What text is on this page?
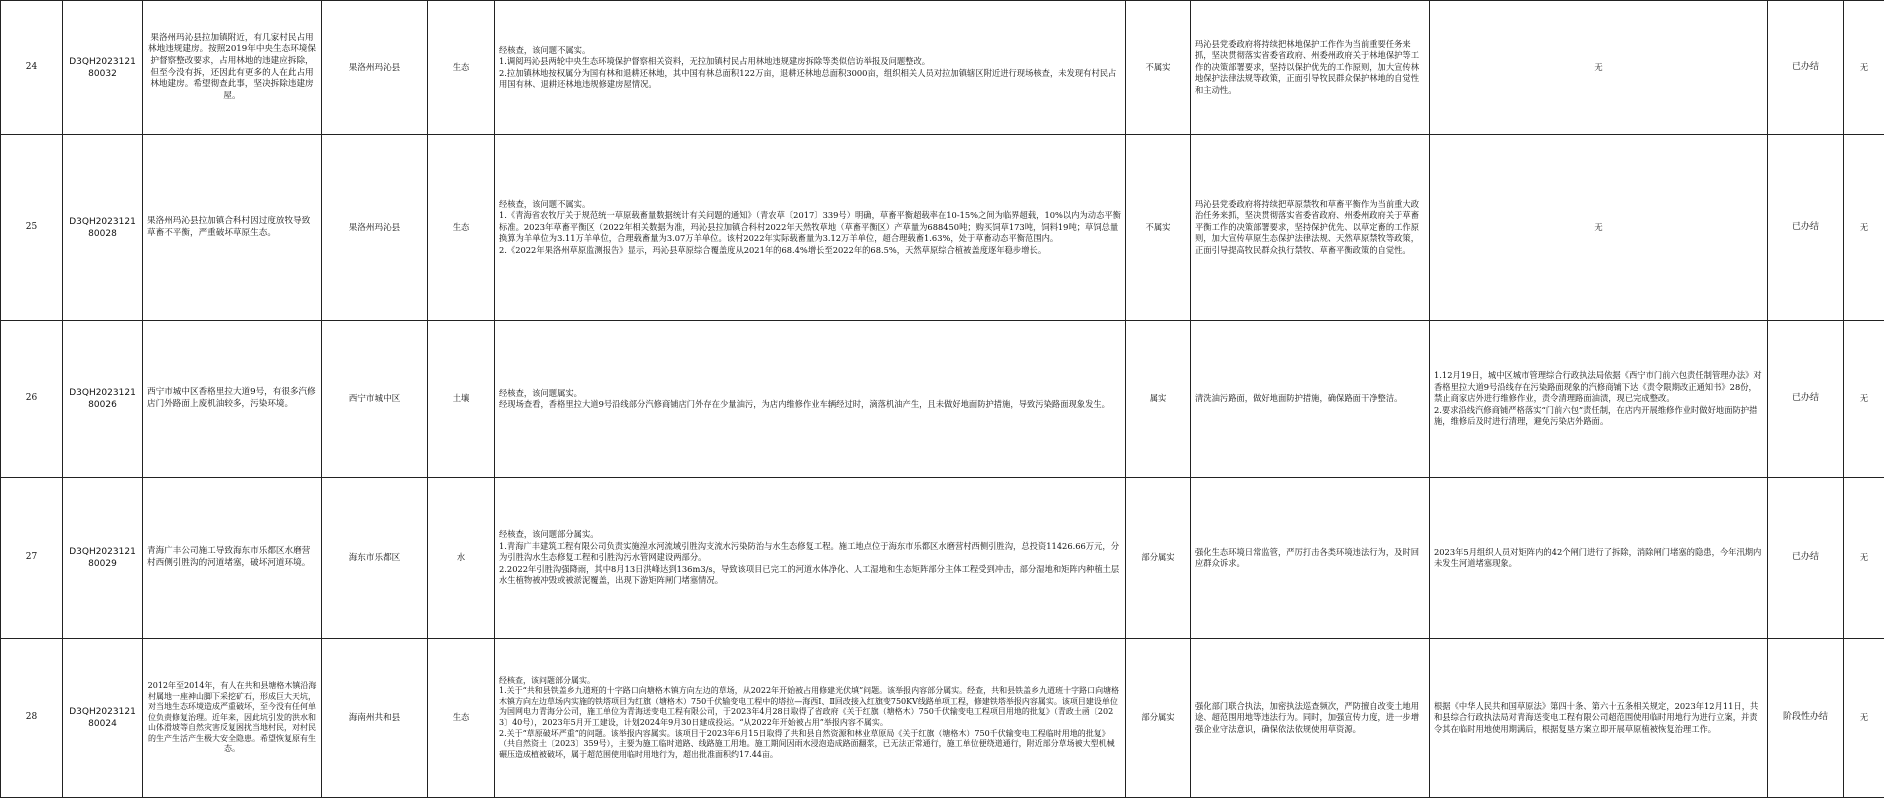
24	D3QH202312180032	果洛州玛沁县拉加镇附近，有几家村民占用林地违规建房。按照2019年中央生态环境保护督察整改要求，占用林地的违建应拆除，但至今没有拆，还因此有更多的人在此占用林地建房。希望彻查此事，坚决拆除违建房屋。	果洛州玛沁县	生态	经核查，该问题不属实。
1.调阅玛沁县两轮中央生态环境保护督察相关资料，无拉加镇村民占用林地违规建房拆除等类似信访举报及问题整改。
2.拉加镇林地按权属分为国有林和退耕还林地，其中国有林总面积122万亩，退耕还林地总面积3000亩，组织相关人员对拉加镇辖区附近进行现场核查，未发现有村民占用国有林、退耕还林地违规修建房屋情况。	不属实	玛沁县党委政府将持续把林地保护工作作为当前重要任务来抓，坚决贯彻落实省委省政府、州委州政府关于林地保护等工作的决策部署要求，坚持以保护优先的工作原则，加大宣传林地保护法律法规等政策，正面引导牧民群众保护林地的自觉性和主动性。	无	已办结	无
25	D3QH202312180028	果洛州玛沁县拉加镇合科村因过度放牧导致草畜不平衡，严重破坏草原生态。	果洛州玛沁县	生态	经核查，该问题不属实。
1.《青海省农牧厅关于规范统一草原载畜量数据统计有关问题的通知》（青农草〔2017〕339号）明确，草畜平衡超载率在10-15%之间为临界超载，10%以内为动态平衡标准。2023年草畜平衡区（2022年相关数据为准，玛沁县拉加镇合科村2022年天然牧草地（草畜平衡区）产草量为688450吨；购买饲草173吨，饲料19吨；草饲总量换算为羊单位为3.11万羊单位，合理载畜量为3.07万羊单位。该村2022年实际载畜量为3.12万羊单位，超合理载畜1.63%，处于草畜动态平衡范围内。
2.《2022年果洛州草原监测报告》显示，玛沁县草原综合覆盖度从2021年的68.4%增长至2022年的68.5%，天然草原综合植被盖度逐年稳步增长。	不属实	玛沁县党委政府将持续把草原禁牧和草畜平衡作为当前重大政治任务来抓，坚决贯彻落实省委省政府、州委州政府关于草畜平衡工作的决策部署要求，坚持保护优先、以草定畜的工作原则，加大宣传草原生态保护法律法规、天然草原禁牧等政策，正面引导提高牧民群众执行禁牧、草畜平衡政策的自觉性。	无	已办结	无
26	D3QH202312180026	西宁市城中区香格里拉大道9号，有很多汽修店门外路面上废机油较多，污染环境。	西宁市城中区	土壤	经核查，该问题属实。
经现场查看，香格里拉大道9号沿线部分汽修商铺店门外存在少量油污，为店内维修作业车辆经过时，滴落机油产生，且未做好地面防护措施，导致污染路面现象发生。	属实	清洗油污路面，做好地面防护措施，确保路面干净整洁。	1.12月19日，城中区城市管理综合行政执法局依据《西宁市门前六包责任制管理办法》对香格里拉大道9号沿线存在污染路面现象的汽修商铺下达《责令限期改正通知书》28份，禁止商家店外进行维修作业，责令清理路面油渍，现已完成整改。
2.要求沿线汽修商铺严格落实“门前六包”责任制，在店内开展维修作业时做好地面防护措施，维修后及时进行清理，避免污染店外路面。	已办结	无
27	D3QH202312180029	青海广丰公司施工导致海东市乐都区水磨营村西侧引胜沟的河道堵塞，破坏河道环境。	海东市乐都区	水	经核查，该问题部分属实。
1.青海广丰建筑工程有限公司负责实施湟水河流域引胜沟支流水污染防治与水生态修复工程。施工地点位于海东市乐都区水磨营村西侧引胜沟，总投资11426.66万元，分为引胜沟水生态修复工程和引胜沟污水管网建设两部分。
2.2022年引胜沟强降雨，其中8月13日洪峰达到136m3/s，导致该项目已完工的河道水体净化、人工湿地和生态矩阵部分主体工程受到冲击，部分湿地和矩阵内种植土层水生植物被冲毁或被淤泥覆盖，出现下游矩阵闸门堵塞情况。	部分属实	强化生态环境日常监管，严厉打击各类环境违法行为，及时回应群众诉求。	2023年5月组织人员对矩阵内的42个闸门进行了拆除，消除闸门堵塞的隐患，今年汛期内未发生河道堵塞现象。	已办结	无
28	D3QH202312180024	2012年至2014年，有人在共和县塘格木镇沿海村属地一座神山脚下采挖矿石，形成巨大天坑，对当地生态环境造成严重破坏，至今没有任何单位负责修复治理。近年来，因此坑引发的洪水和山体滑坡等自然灾害反复困扰当地村民，对村民的生产生活产生极大安全隐患。希望恢复原有生态。	海南州共和县	生态	经核查，该问题部分属实。
1.关于“共和县铁盖乡九道班的十字路口向塘格木镇方向左边的草场，从2022年开始被占用修建光伏填”问题。该举报内容部分属实。经查，共和县铁盖乡九道班十字路口向塘格木镇方向左边草场内实施的铁塔项目为红旗（塘格木）750千伏输变电工程中的塔拉—海西Ⅰ、Ⅱ回改接入红旗变750KV线路单项工程，修建铁塔举报内容属实。该项目建设单位为国网电力青海分公司，施工单位为青海送变电工程有限公司，于2023年4月28日取得了省政府《关于红旗（塘格木）750千伏输变电工程项目用地的批复》（青政土函〔2023〕40号），2023年5月开工建设，计划2024年9月30日建成投运。“从2022年开始被占用”举报内容不属实。
2.关于“草原破坏严重”的问题。该举报内容属实。该项目于2023年6月15日取得了共和县自然资源和林业草原局《关于红旗（塘格木）750千伏输变电工程临时用地的批复》（共自然资土〔2023〕359号），主要为施工临时道路、线路施工用地。施工期间因雨水浸泡造成路面翻浆，已无法正常通行，施工单位便绕道通行，附近部分草场被大型机械碾压造成植被破坏，属于超范围使用临时用地行为，超出批准面积约17.44亩。	部分属实	强化部门联合执法，加密执法巡查频次，严防擅自改变土地用途、超范围用地等违法行为。同时，加强宣传力度，进一步增强企业守法意识，确保依法依规使用草资源。	根据《中华人民共和国草原法》第四十条、第六十五条相关规定，2023年12月11日，共和县综合行政执法局对青海送变电工程有限公司超范围使用临时用地行为进行立案，并责令其在临时用地使用期满后，根据复垦方案立即开展草原植被恢复治理工作。	阶段性办结	无
